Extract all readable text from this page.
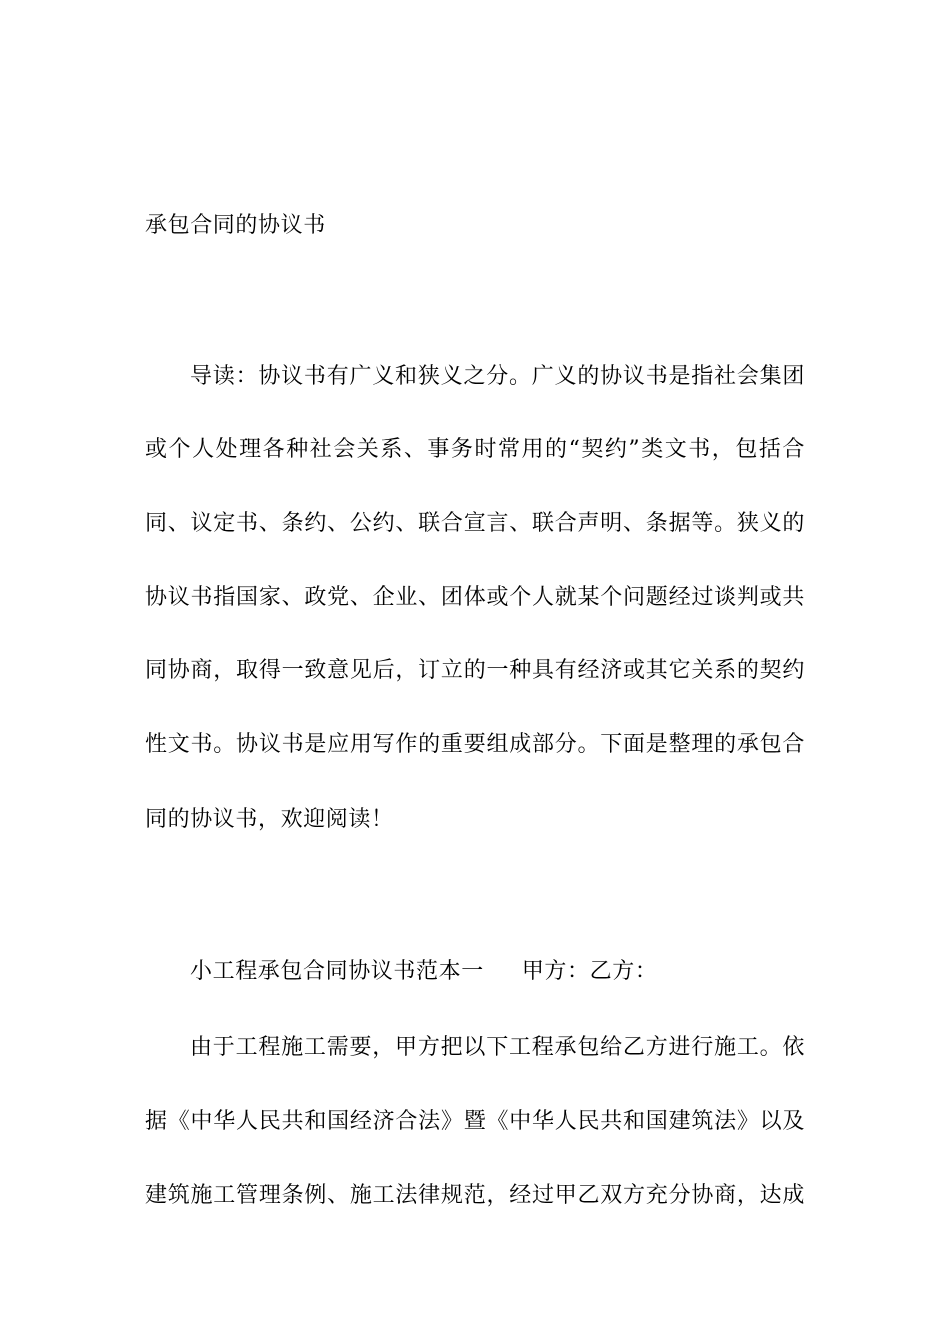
承包合同的协议书
导读：协议书有广义和狭义之分。广义的协议书是指社会集团
或个人处理各种社会关系、事务时常用的“契约”类文书，包括合
同、议定书、条约、公约、联合宣言、联合声明、条据等。狭义的
协议书指国家、政党、企业、团体或个人就某个问题经过谈判或共
同协商，取得一致意见后，订立的一种具有经济或其它关系的契约
性文书。协议书是应用写作的重要组成部分。下面是整理的承包合
同的协议书，欢迎阅读！
小工程承包合同协议书范本一 甲方：乙方：
由于工程施工需要，甲方把以下工程承包给乙方进行施工。依
据《中华人民共和国经济合法》暨《中华人民共和国建筑法》以及
建筑施工管理条例、施工法律规范，经过甲乙双方充分协商，达成
